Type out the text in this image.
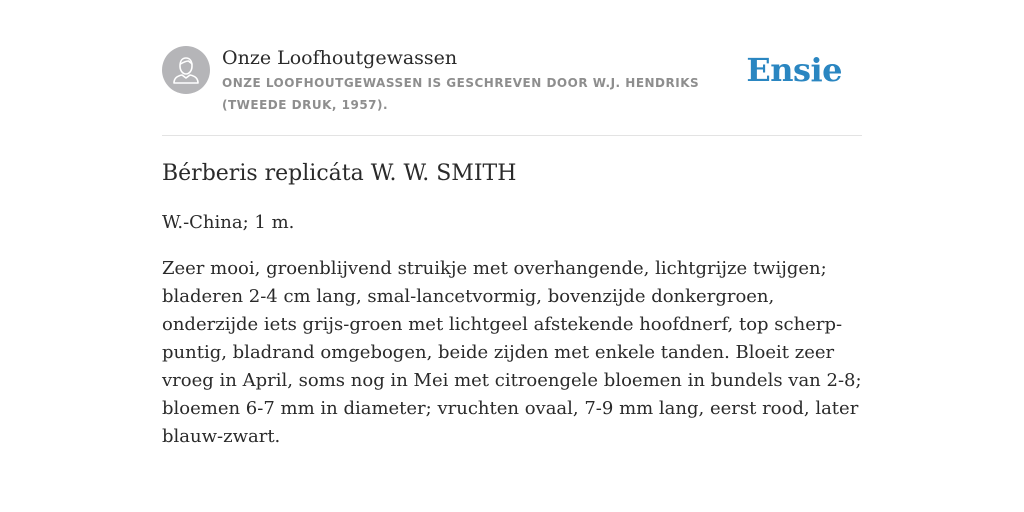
Onze Loofhoutgewassen
ONZE LOOFHOUTGEWASSEN IS GESCHREVEN DOOR W.J. HENDRIKS (TWEEDE DRUK, 1957).
Ensie
Bérberis replicáta W. W. SMITH

W.-China; 1 m.

Zeer mooi, groenblijvend struikje met overhangende, lichtgrijze twijgen; bladeren 2-4 cm lang, smal-lancetvormig, bovenzijde donkergroen, onderzijde iets grijs-groen met lichtgeel afstekende hoofdnerf, top scherp-puntig, bladrand omgebogen, beide zijden met enkele tanden. Bloeit zeer vroeg in April, soms nog in Mei met citroengele bloemen in bundels van 2-8; bloemen 6-7 mm in diameter; vruchten ovaal, 7-9 mm lang, eerst rood, later blauw-zwart.
